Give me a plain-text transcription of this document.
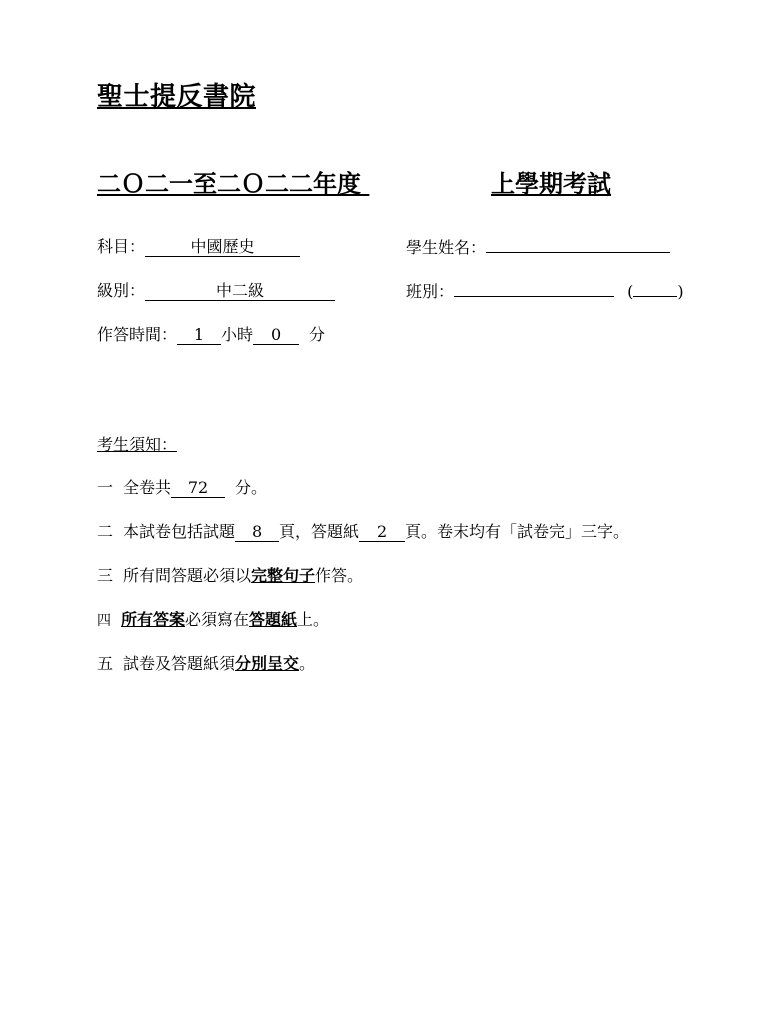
聖士提反書院
二Ｏ二一至二Ｏ二二年度	上學期考試
科目：	中國歷史	學生姓名：
級別：	中二級	班別：	(	)
作答時間： 1 小時 0 分
考生須知：
一 全卷共 72 分。
二 本試卷包括試題 8 頁，答題紙 2 頁。卷末均有「試卷完」三字。
三 所有問答題必須以完整句子作答。
四 所有答案必須寫在答題紙上。
五 試卷及答題紙須分別呈交。
